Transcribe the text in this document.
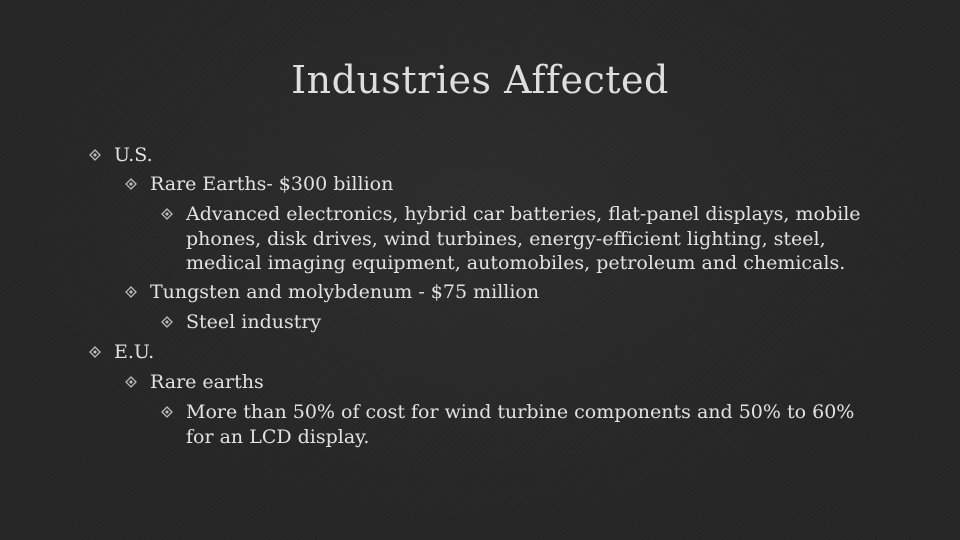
Industries Affected
U.S.
Rare Earths- $300 billion
Advanced electronics, hybrid car batteries, flat-panel displays, mobile phones, disk drives, wind turbines, energy-efficient lighting, steel, medical imaging equipment, automobiles, petroleum and chemicals.
Tungsten and molybdenum - $75 million
Steel industry
E.U.
Rare earths
More than 50% of cost for wind turbine components and 50% to 60% for an LCD display.
